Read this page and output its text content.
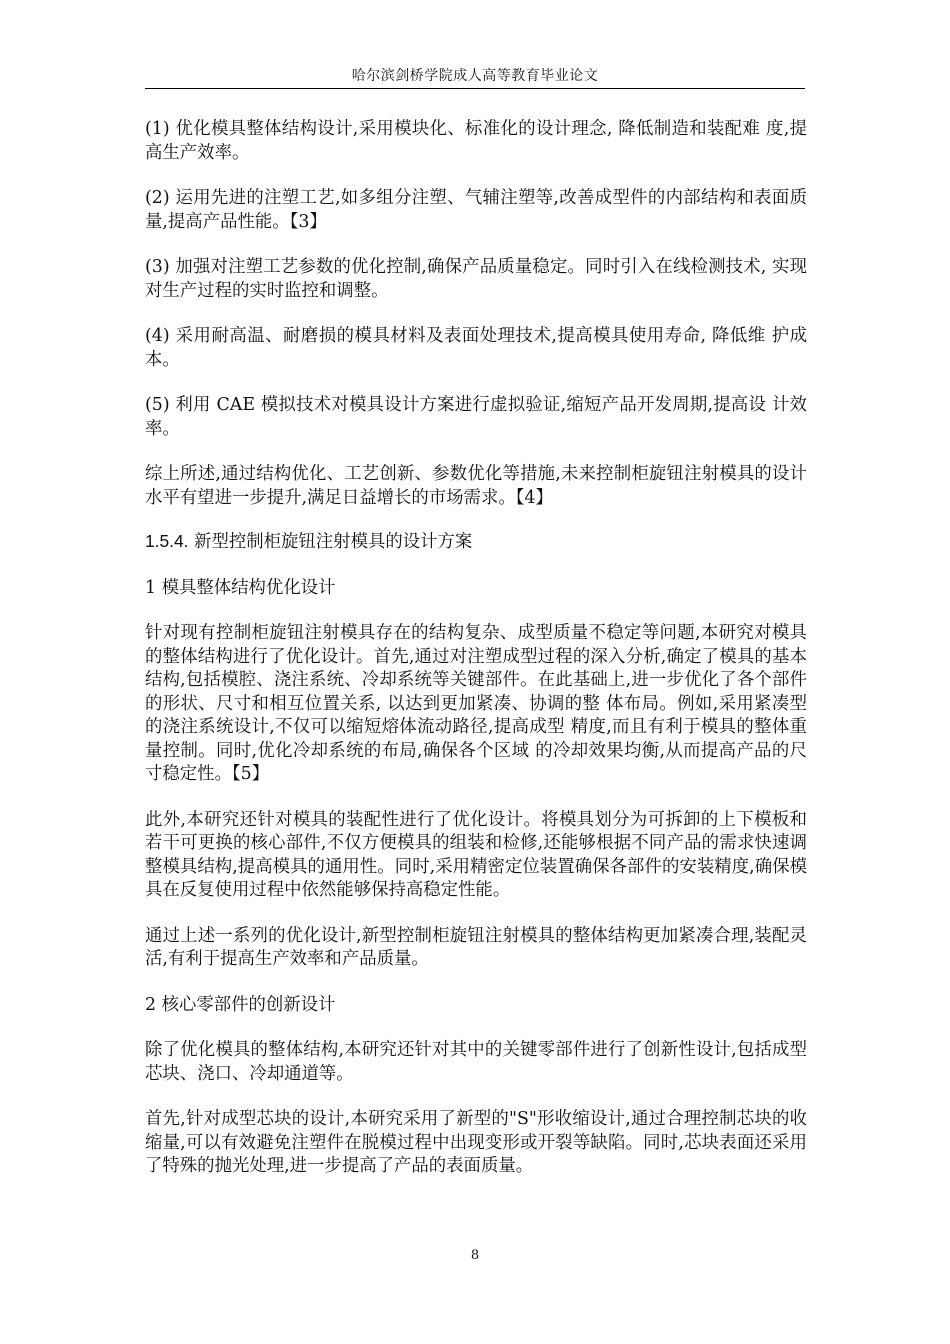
哈尔滨剑桥学院成人高等教育毕业论文

(1) 优化模具整体结构设计,采用模块化、标准化的设计理念, 降低制造和装配难 度,提高生产效率。

(2) 运用先进的注塑工艺,如多组分注塑、气辅注塑等,改善成型件的内部结构和表面质量,提高产品性能。【3】

(3) 加强对注塑工艺参数的优化控制,确保产品质量稳定。同时引入在线检测技术, 实现对生产过程的实时监控和调整。

(4) 采用耐高温、耐磨损的模具材料及表面处理技术,提高模具使用寿命, 降低维 护成本。

(5) 利用 CAE 模拟技术对模具设计方案进行虚拟验证,缩短产品开发周期,提高设 计效率。

综上所述,通过结构优化、工艺创新、参数优化等措施,未来控制柜旋钮注射模具的设计水平有望进一步提升,满足日益增长的市场需求。【4】

1.5.4. 新型控制柜旋钮注射模具的设计方案

1 模具整体结构优化设计

针对现有控制柜旋钮注射模具存在的结构复杂、成型质量不稳定等问题,本研究对模具的整体结构进行了优化设计。首先,通过对注塑成型过程的深入分析,确定了模具的基本结构,包括模腔、浇注系统、冷却系统等关键部件。在此基础上,进一步优化了各个部件的形状、尺寸和相互位置关系, 以达到更加紧凑、协调的整 体布局。例如,采用紧凑型的浇注系统设计,不仅可以缩短熔体流动路径,提高成型 精度,而且有利于模具的整体重量控制。同时,优化冷却系统的布局,确保各个区域 的冷却效果均衡,从而提高产品的尺寸稳定性。【5】

此外,本研究还针对模具的装配性进行了优化设计。将模具划分为可拆卸的上下模板和若干可更换的核心部件,不仅方便模具的组装和检修,还能够根据不同产品的需求快速调整模具结构,提高模具的通用性。同时,采用精密定位装置确保各部件的安装精度,确保模具在反复使用过程中依然能够保持高稳定性能。

通过上述一系列的优化设计,新型控制柜旋钮注射模具的整体结构更加紧凑合理,装配灵活,有利于提高生产效率和产品质量。

2 核心零部件的创新设计

除了优化模具的整体结构,本研究还针对其中的关键零部件进行了创新性设计,包括成型芯块、浇口、冷却通道等。

首先,针对成型芯块的设计,本研究采用了新型的"S"形收缩设计,通过合理控制芯块的收缩量,可以有效避免注塑件在脱模过程中出现变形或开裂等缺陷。同时,芯块表面还采用了特殊的抛光处理,进一步提高了产品的表面质量。

8
